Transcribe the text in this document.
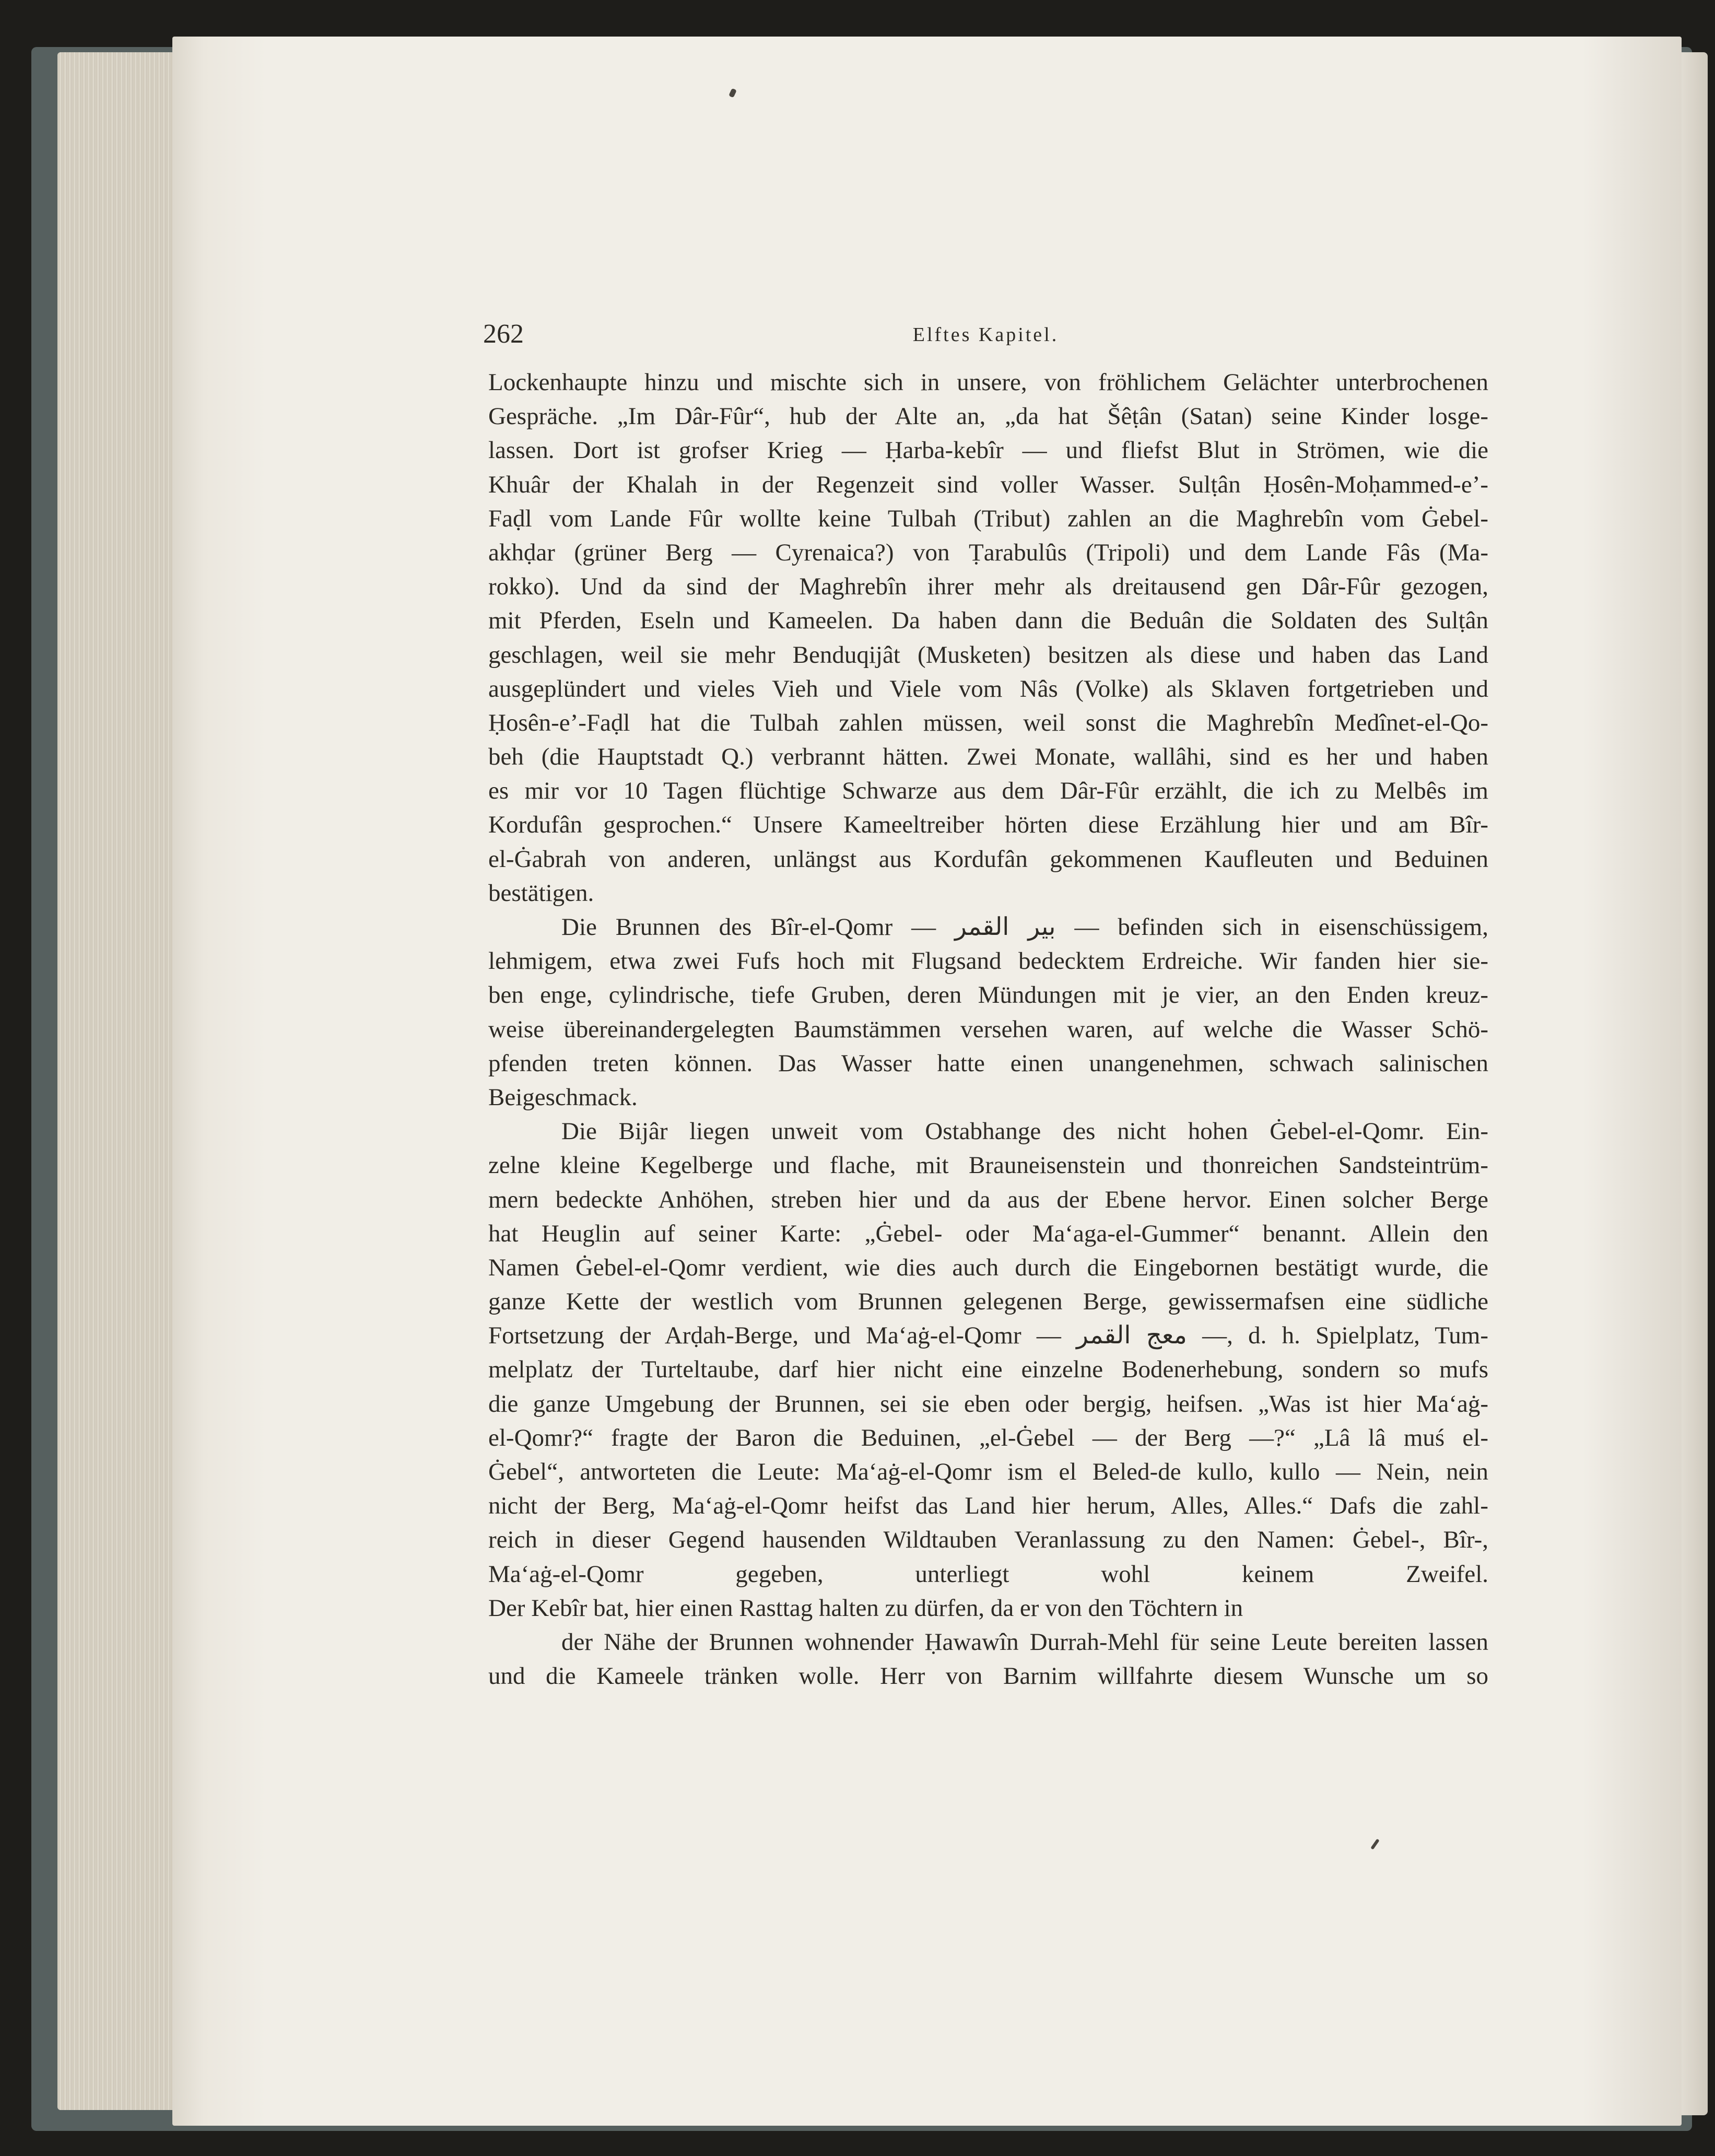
262	Elftes Kapitel.
Lockenhaupte hinzu und mischte sich in unsere, von fröhlichem Gelächter unterbrochenen
Gespräche. „Im Dâr-Fûr“, hub der Alte an, „da hat Šêṭân (Satan) seine Kinder losge-
lassen. Dort ist grofser Krieg — Ḥarba-kebîr — und fliefst Blut in Strömen, wie die
Khuâr der Khalah in der Regenzeit sind voller Wasser. Sulṭân Ḥosên-Moḥammed-e’-
Faḍl vom Lande Fûr wollte keine Tulbah (Tribut) zahlen an die Maghrebîn vom Ġebel-
akhḍar (grüner Berg — Cyrenaica?) von Ṭarabulûs (Tripoli) und dem Lande Fâs (Ma-
rokko). Und da sind der Maghrebîn ihrer mehr als dreitausend gen Dâr-Fûr gezogen,
mit Pferden, Eseln und Kameelen. Da haben dann die Beduân die Soldaten des Sulṭân
geschlagen, weil sie mehr Benduqijât (Musketen) besitzen als diese und haben das Land
ausgeplündert und vieles Vieh und Viele vom Nâs (Volke) als Sklaven fortgetrieben und
Ḥosên-e’-Faḍl hat die Tulbah zahlen müssen, weil sonst die Maghrebîn Medînet-el-Qo-
beh (die Hauptstadt Q.) verbrannt hätten. Zwei Monate, wallâhi, sind es her und haben
es mir vor 10 Tagen flüchtige Schwarze aus dem Dâr-Fûr erzählt, die ich zu Melbês im
Kordufân gesprochen.“ Unsere Kameeltreiber hörten diese Erzählung hier und am Bîr-
el-Ġabrah von anderen, unlängst aus Kordufân gekommenen Kaufleuten und Beduinen
bestätigen.
Die Brunnen des Bîr-el-Qomr — بير القمر — befinden sich in eisenschüssigem,
lehmigem, etwa zwei Fufs hoch mit Flugsand bedecktem Erdreiche. Wir fanden hier sie-
ben enge, cylindrische, tiefe Gruben, deren Mündungen mit je vier, an den Enden kreuz-
weise übereinandergelegten Baumstämmen versehen waren, auf welche die Wasser Schö-
pfenden treten können. Das Wasser hatte einen unangenehmen, schwach salinischen
Beigeschmack.
Die Bijâr liegen unweit vom Ostabhange des nicht hohen Ġebel-el-Qomr. Ein-
zelne kleine Kegelberge und flache, mit Brauneisenstein und thonreichen Sandsteintrüm-
mern bedeckte Anhöhen, streben hier und da aus der Ebene hervor. Einen solcher Berge
hat Heuglin auf seiner Karte: „Ġebel- oder Ma‘aga-el-Gummer“ benannt. Allein den
Namen Ġebel-el-Qomr verdient, wie dies auch durch die Eingebornen bestätigt wurde, die
ganze Kette der westlich vom Brunnen gelegenen Berge, gewissermafsen eine südliche
Fortsetzung der Arḍah-Berge, und Ma‘aġ-el-Qomr — معج القمر —, d. h. Spielplatz, Tum-
melplatz der Turteltaube, darf hier nicht eine einzelne Bodenerhebung, sondern so mufs
die ganze Umgebung der Brunnen, sei sie eben oder bergig, heifsen. „Was ist hier Ma‘aġ-
el-Qomr?“ fragte der Baron die Beduinen, „el-Ġebel — der Berg —?“ „Lâ lâ muś el-
Ġebel“, antworteten die Leute: Ma‘aġ-el-Qomr ism el Beled-de kullo, kullo — Nein, nein
nicht der Berg, Ma‘aġ-el-Qomr heifst das Land hier herum, Alles, Alles.“ Dafs die zahl-
reich in dieser Gegend hausenden Wildtauben Veranlassung zu den Namen: Ġebel-, Bîr-,
Ma‘aġ-el-Qomr gegeben, unterliegt wohl keinem Zweifel.
Der Kebîr bat, hier einen Rasttag halten zu dürfen, da er von den Töchtern in
der Nähe der Brunnen wohnender Ḥawawîn Durrah-Mehl für seine Leute bereiten lassen
und die Kameele tränken wolle. Herr von Barnim willfahrte diesem Wunsche um so
